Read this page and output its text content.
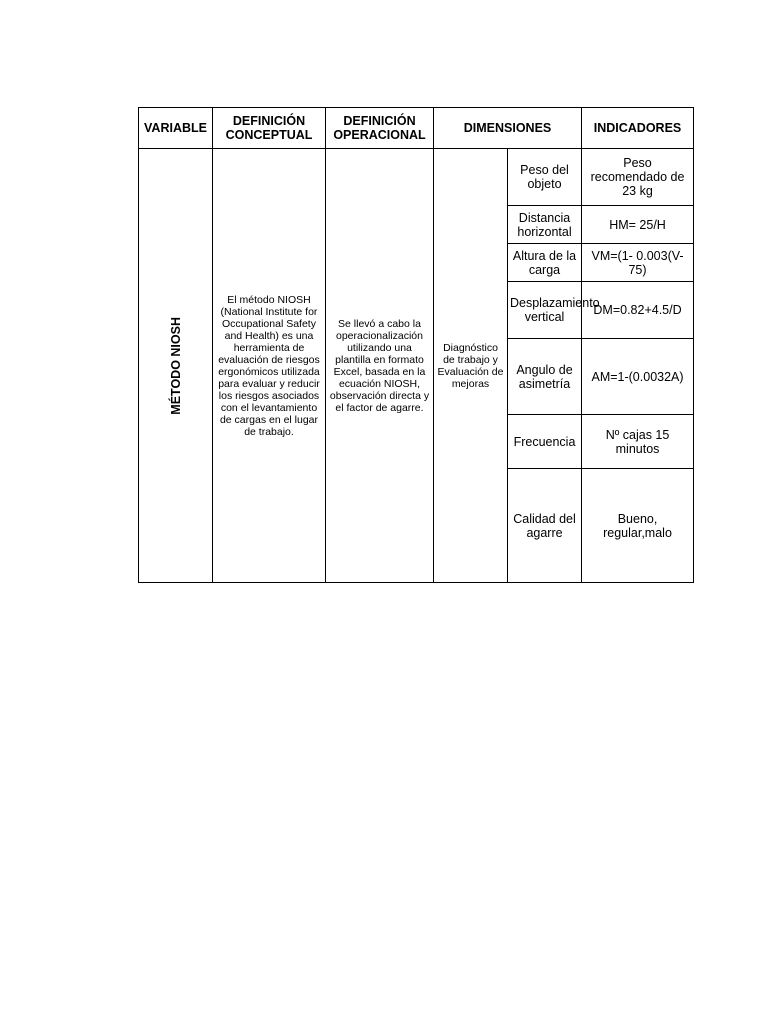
VARIABLE	DEFINICIÓN CONCEPTUAL	DEFINICIÓN OPERACIONAL	DIMENSIONES		INDICADORES

MÉTODO NIOSH	El método NIOSH (National Institute for Occupational Safety and Health) es una herramienta de evaluación de riesgos ergonómicos utilizada para evaluar y reducir los riesgos asociados con el levantamiento de cargas en el lugar de trabajo.	Se llevó a cabo la operacionalización utilizando una plantilla en formato Excel, basada en la ecuación NIOSH, observación directa y el factor de agarre.	Diagnóstico de trabajo y Evaluación de mejoras	Peso del objeto	Peso recomendado de 23 kg
				Distancia horizontal	HM= 25/H
				Altura de la carga	VM=(1- 0.003(V-75)
				Desplazamiento vertical	DM=0.82+4.5/D
				Angulo de asimetría	AM=1-(0.0032A)
				Frecuencia	Nº cajas 15 minutos
				Calidad del agarre	Bueno, regular,malo
